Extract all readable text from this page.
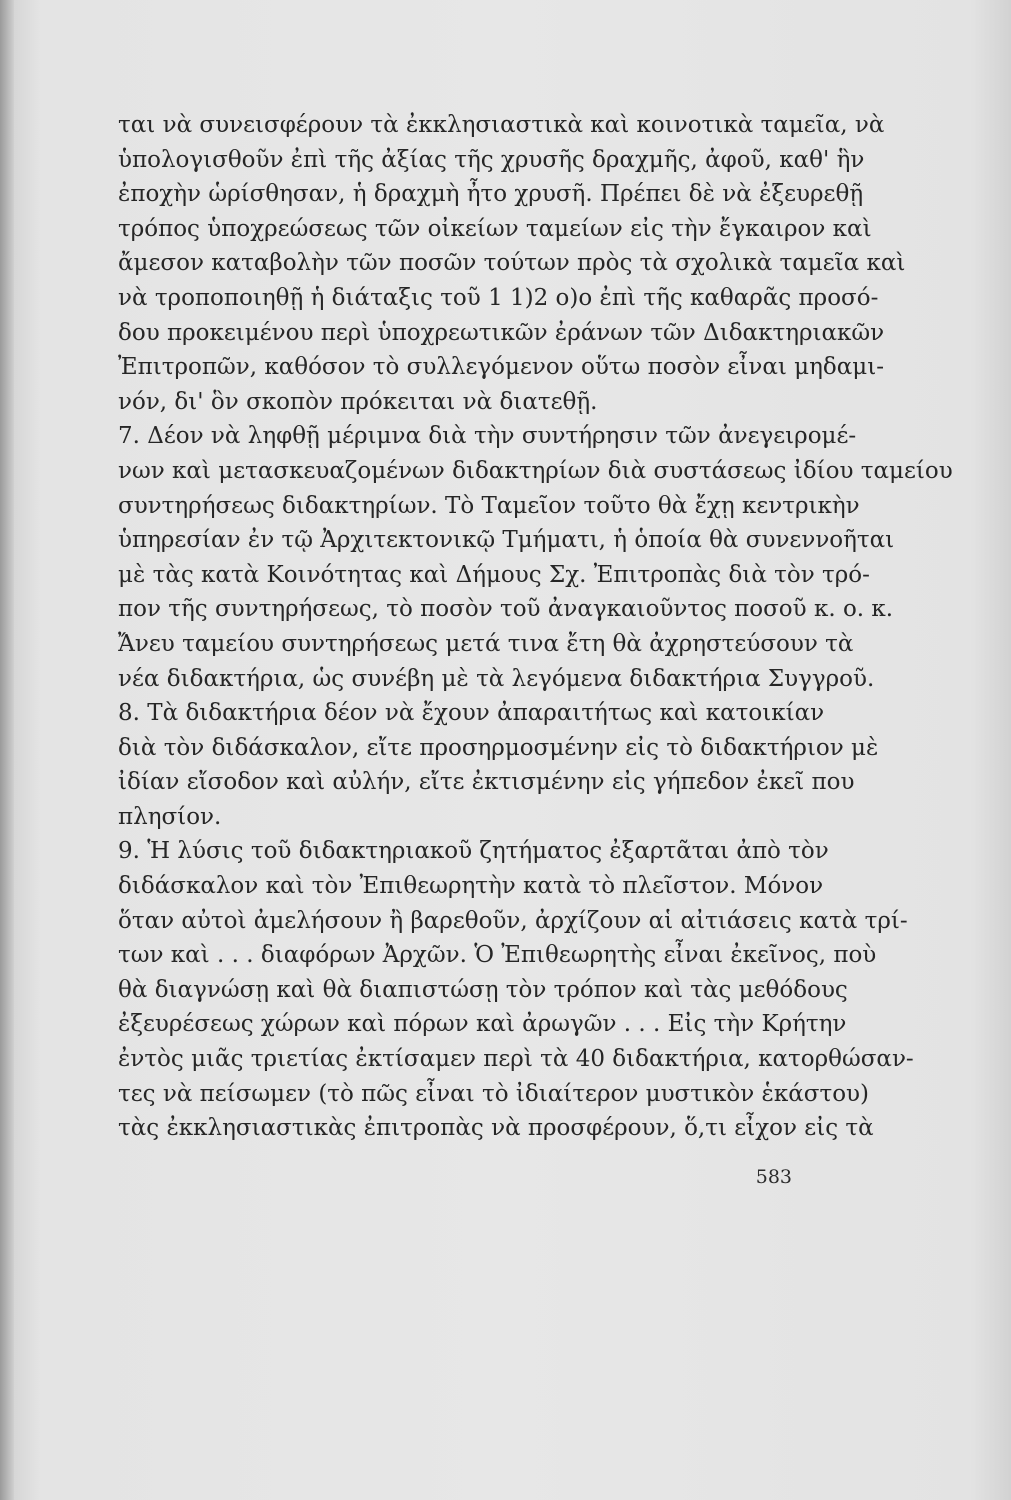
ται νὰ συνεισφέρουν τὰ ἐκκλησιαστικὰ καὶ κοινοτικὰ ταμεῖα, νὰ
ὑπολογισθοῦν ἐπὶ τῆς ἀξίας τῆς χρυσῆς δραχμῆς, ἀφοῦ, καθ' ἣν
ἐποχὴν ὡρίσθησαν, ἡ δραχμὴ ἦτο χρυσῆ. Πρέπει δὲ νὰ ἐξευρεθῇ
τρόπος ὑποχρεώσεως τῶν οἰκείων ταμείων εἰς τὴν ἔγκαιρον καὶ
ἄμεσον καταβολὴν τῶν ποσῶν τούτων πρὸς τὰ σχολικὰ ταμεῖα καὶ
νὰ τροποποιηθῇ ἡ διάταξις τοῦ 1 1)2 ο)ο ἐπὶ τῆς καθαρᾶς προσό-
δου προκειμένου περὶ ὑποχρεωτικῶν ἐράνων τῶν Διδακτηριακῶν
Ἐπιτροπῶν, καθόσον τὸ συλλεγόμενον οὕτω ποσὸν εἶναι μηδαμι-
νόν, δι' ὃν σκοπὸν πρόκειται νὰ διατεθῇ.
7. Δέον νὰ ληφθῇ μέριμνα διὰ τὴν συντήρησιν τῶν ἀνεγειρομέ-
νων καὶ μετασκευαζομένων διδακτηρίων διὰ συστάσεως ἰδίου ταμείου
συντηρήσεως διδακτηρίων. Τὸ Ταμεῖον τοῦτο θὰ ἔχῃ κεντρικὴν
ὑπηρεσίαν ἐν τῷ Ἀρχιτεκτονικῷ Τμήματι, ἡ ὁποία θὰ συνεννοῆται
μὲ τὰς κατὰ Κοινότητας καὶ Δήμους Σχ. Ἐπιτροπὰς διὰ τὸν τρό-
πον τῆς συντηρήσεως, τὸ ποσὸν τοῦ ἀναγκαιοῦντος ποσοῦ κ. ο. κ.
Ἄνευ ταμείου συντηρήσεως μετά τινα ἔτη θὰ ἀχρηστεύσουν τὰ
νέα διδακτήρια, ὡς συνέβη μὲ τὰ λεγόμενα διδακτήρια Συγγροῦ.
8. Τὰ διδακτήρια δέον νὰ ἔχουν ἀπαραιτήτως καὶ κατοικίαν
διὰ τὸν διδάσκαλον, εἴτε προσηρμοσμένην εἰς τὸ διδακτήριον μὲ
ἰδίαν εἴσοδον καὶ αὐλήν, εἴτε ἐκτισμένην εἰς γήπεδον ἐκεῖ που
πλησίον.
9. Ἡ λύσις τοῦ διδακτηριακοῦ ζητήματος ἐξαρτᾶται ἀπὸ τὸν
διδάσκαλον καὶ τὸν Ἐπιθεωρητὴν κατὰ τὸ πλεῖστον. Μόνον
ὅταν αὐτοὶ ἀμελήσουν ἢ βαρεθοῦν, ἀρχίζουν αἱ αἰτιάσεις κατὰ τρί-
των καὶ . . . διαφόρων Ἀρχῶν. Ὁ Ἐπιθεωρητὴς εἶναι ἐκεῖνος, ποὺ
θὰ διαγνώσῃ καὶ θὰ διαπιστώσῃ τὸν τρόπον καὶ τὰς μεθόδους
ἐξευρέσεως χώρων καὶ πόρων καὶ ἀρωγῶν . . . Εἰς τὴν Κρήτην
ἐντὸς μιᾶς τριετίας ἐκτίσαμεν περὶ τὰ 40 διδακτήρια, κατορθώσαν-
τες νὰ πείσωμεν (τὸ πῶς εἶναι τὸ ἰδιαίτερον μυστικὸν ἑκάστου)
τὰς ἐκκλησιαστικὰς ἐπιτροπὰς νὰ προσφέρουν, ὅ,τι εἶχον εἰς τὰ
583
